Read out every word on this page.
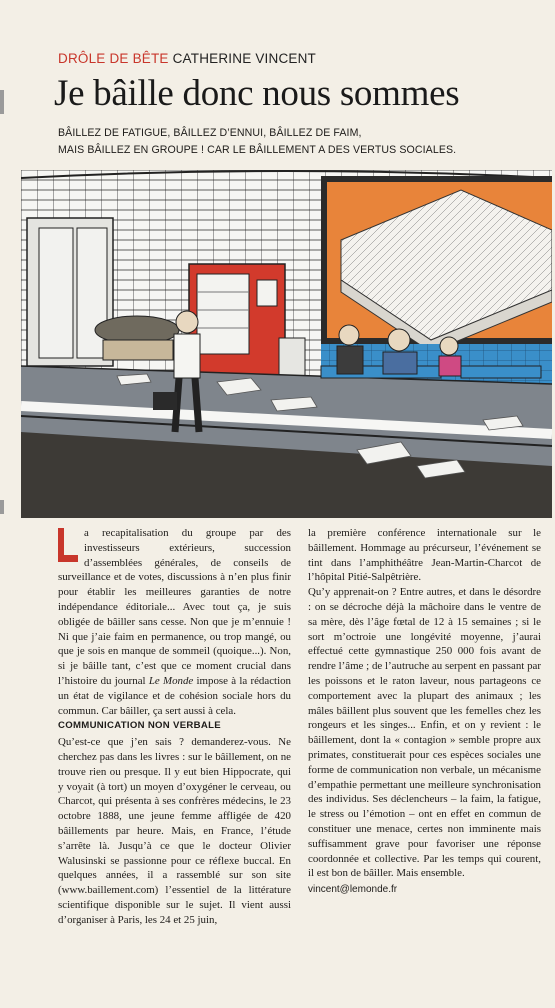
DRÔLE DE BÊTE CATHERINE VINCENT
Je bâille donc nous sommes
BÂILLEZ DE FATIGUE, BÂILLEZ D’ENNUI, BÂILLEZ DE FAIM,
MAIS BÂILLEZ EN GROUPE ! CAR LE BÂILLEMENT A DES VERTUS SOCIALES.

a recapitalisation du groupe par des investisseurs extérieurs, succession d’assemblées générales, de conseils de surveillance et de votes, discussions à n’en plus finir pour établir les meilleures garanties de notre indépendance éditoriale... Avec tout ça, je suis obligée de bâiller sans cesse. Non que je m’ennuie ! Ni que j’aie faim en permanence, ou trop mangé, ou que je sois en manque de sommeil (quoique...). Non, si je bâille tant, c’est que ce moment crucial dans l’histoire du journal Le Monde impose à la rédaction un état de vigilance et de cohésion sociale hors du commun. Car bâiller, ça sert aussi à cela.

COMMUNICATION NON VERBALE

Qu’est-ce que j’en sais ? demanderez-vous. Ne cherchez pas dans les livres : sur le bâillement, on ne trouve rien ou presque. Il y eut bien Hippocrate, qui y voyait (à tort) un moyen d’oxygéner le cerveau, ou Charcot, qui présenta à ses confrères médecins, le 23 octobre 1888, une jeune femme affligée de 420 bâillements par heure. Mais, en France, l’étude s’arrête là. Jusqu’à ce que le docteur Olivier Walusinski se passionne pour ce réflexe buccal. En quelques années, il a rassemblé sur son site (www.baillement.com) l’essentiel de la littérature scientifique disponible sur le sujet. Il vient aussi d’organiser à Paris, les 24 et 25 juin,

la première conférence internationale sur le bâillement. Hommage au précurseur, l’événement se tint dans l’amphithéâtre Jean-Martin-Charcot de l’hôpital Pitié-Salpêtrière.

Qu’y apprenait-on ? Entre autres, et dans le désordre : on se décroche déjà la mâchoire dans le ventre de sa mère, dès l’âge fœtal de 12 à 15 semaines ; si le sort m’octroie une longévité moyenne, j’aurai effectué cette gymnastique 250 000 fois avant de rendre l’âme ; de l’autruche au serpent en passant par les poissons et le raton laveur, nous partageons ce comportement avec la plupart des animaux ; les mâles bâillent plus souvent que les femelles chez les rongeurs et les singes... Enfin, et on y revient : le bâillement, dont la « contagion » semble propre aux primates, constituerait pour ces espèces sociales une forme de communication non verbale, un mécanisme d’empathie permettant une meilleure synchronisation des individus. Ses déclencheurs – la faim, la fatigue, le stress ou l’émotion – ont en effet en commun de constituer une menace, certes non imminente mais suffisamment grave pour favoriser une réponse coordonnée et collective. Par les temps qui courent, il est bon de bâiller. Mais ensemble.

vincent@lemonde.fr
